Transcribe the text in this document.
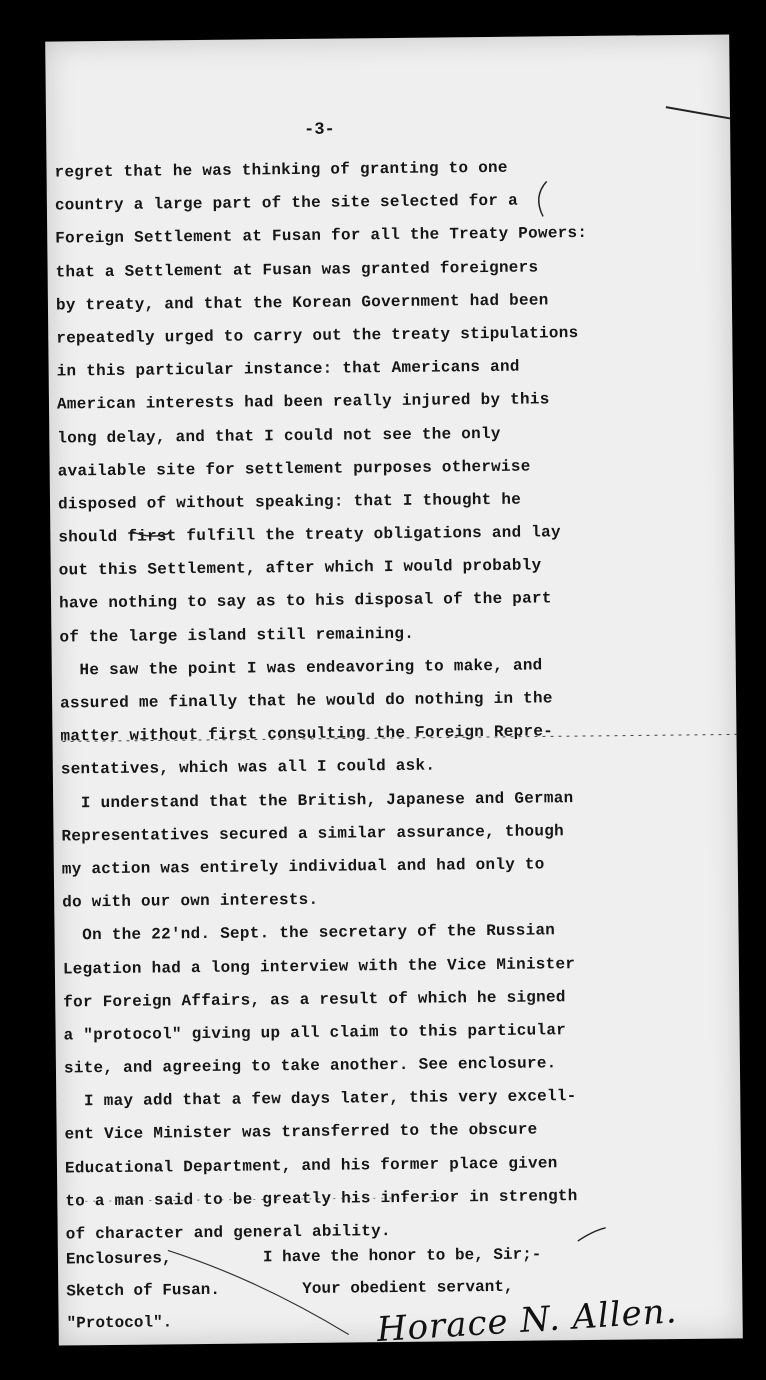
-3-
regret that he was thinking of granting to one
country a large part of the site selected for a
Foreign Settlement at Fusan for all the Treaty Powers:
that a Settlement at Fusan was granted foreigners
by treaty, and that the Korean Government had been
repeatedly urged to carry out the treaty stipulations
in this particular instance: that Americans and
American interests had been really injured by this
long delay, and that I could not see the only
available site for settlement purposes otherwise
disposed of without speaking: that I thought he
should first fulfill the treaty obligations and lay
out this Settlement, after which I would probably
have nothing to say as to his disposal of the part
of the large island still remaining.
He saw the point I was endeavoring to make, and
assured me finally that he would do nothing in the
matter without first consulting the Foreign Repre-
sentatives, which was all I could ask.
I understand that the British, Japanese and German
Representatives secured a similar assurance, though
my action was entirely individual and had only to
do with our own interests.
On the 22'nd. Sept. the secretary of the Russian
Legation had a long interview with the Vice Minister
for Foreign Affairs, as a result of which he signed
a "protocol" giving up all claim to this particular
site, and agreeing to take another. See enclosure.
I may add that a few days later, this very excell-
ent Vice Minister was transferred to the obscure
Educational Department, and his former place given
to a man said to be greatly his inferior in strength
of character and general ability.
Enclosures,	I have the honor to be, Sir;-
Sketch of Fusan.	Your obedient servant,
"Protocol".	Horace N. Allen.
